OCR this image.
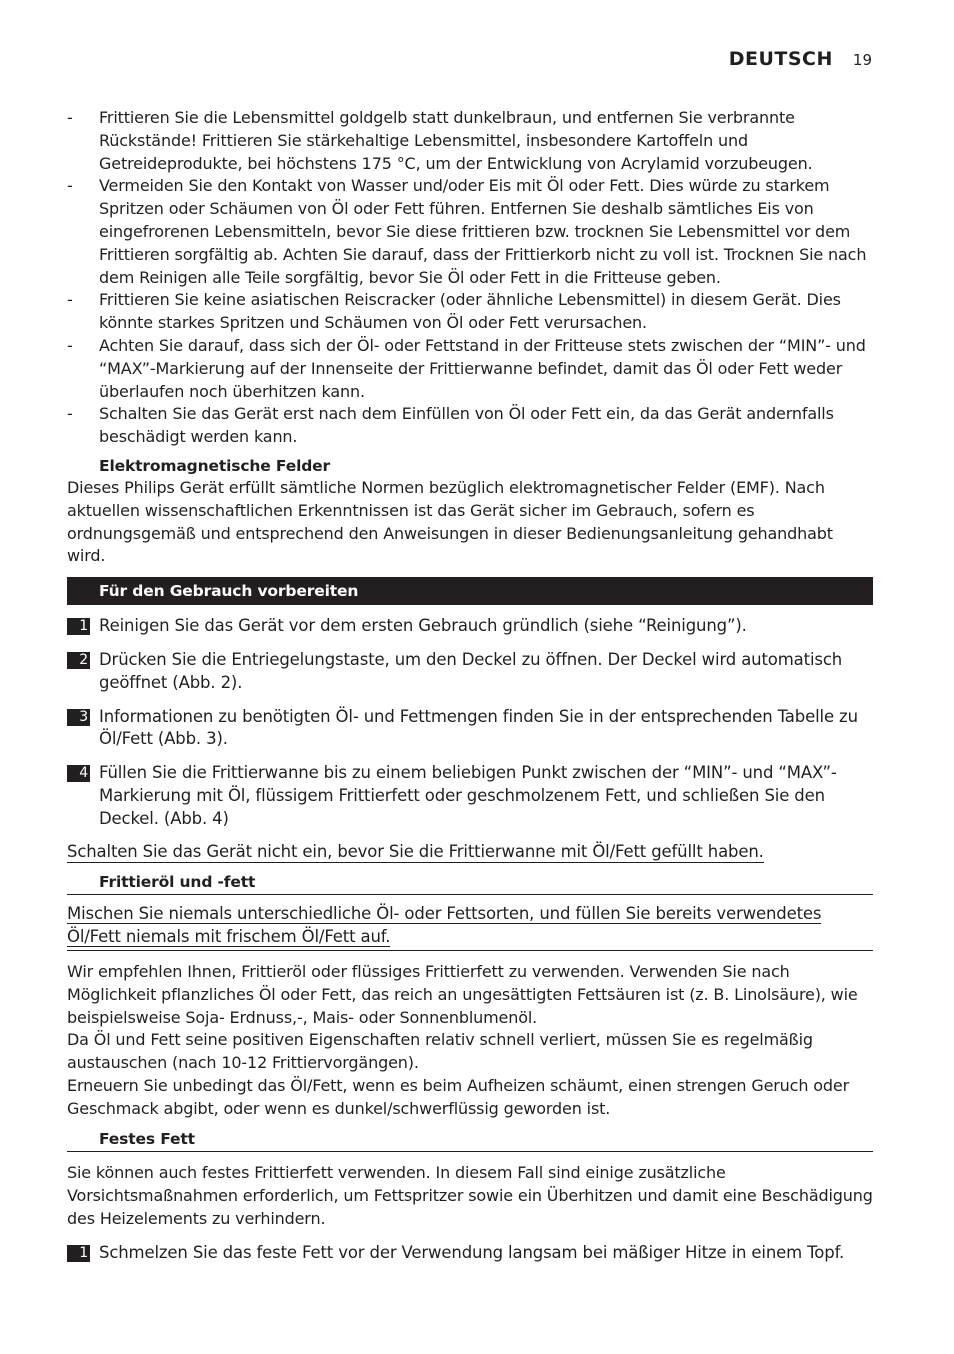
DEUTSCH 19
- Frittieren Sie die Lebensmittel goldgelb statt dunkelbraun, und entfernen Sie verbrannte Rückstände! Frittieren Sie stärkehaltige Lebensmittel, insbesondere Kartoffeln und Getreideprodukte, bei höchstens 175 °C, um der Entwicklung von Acrylamid vorzubeugen.
- Vermeiden Sie den Kontakt von Wasser und/oder Eis mit Öl oder Fett. Dies würde zu starkem Spritzen oder Schäumen von Öl oder Fett führen. Entfernen Sie deshalb sämtliches Eis von eingefrorenen Lebensmitteln, bevor Sie diese frittieren bzw. trocknen Sie Lebensmittel vor dem Frittieren sorgfältig ab. Achten Sie darauf, dass der Frittierkorb nicht zu voll ist. Trocknen Sie nach dem Reinigen alle Teile sorgfältig, bevor Sie Öl oder Fett in die Fritteuse geben.
- Frittieren Sie keine asiatischen Reiscracker (oder ähnliche Lebensmittel) in diesem Gerät. Dies könnte starkes Spritzen und Schäumen von Öl oder Fett verursachen.
- Achten Sie darauf, dass sich der Öl- oder Fettstand in der Fritteuse stets zwischen der “MIN”- und “MAX”-Markierung auf der Innenseite der Frittierwanne befindet, damit das Öl oder Fett weder überlaufen noch überhitzen kann.
- Schalten Sie das Gerät erst nach dem Einfüllen von Öl oder Fett ein, da das Gerät andernfalls beschädigt werden kann.
Elektromagnetische Felder
Dieses Philips Gerät erfüllt sämtliche Normen bezüglich elektromagnetischer Felder (EMF). Nach aktuellen wissenschaftlichen Erkenntnissen ist das Gerät sicher im Gebrauch, sofern es ordnungsgemäß und entsprechend den Anweisungen in dieser Bedienungsanleitung gehandhabt wird.
Für den Gebrauch vorbereiten
1 Reinigen Sie das Gerät vor dem ersten Gebrauch gründlich (siehe “Reinigung”).
2 Drücken Sie die Entriegelungstaste, um den Deckel zu öffnen. Der Deckel wird automatisch geöffnet (Abb. 2).
3 Informationen zu benötigten Öl- und Fettmengen finden Sie in der entsprechenden Tabelle zu Öl/Fett (Abb. 3).
4 Füllen Sie die Frittierwanne bis zu einem beliebigen Punkt zwischen der “MIN”- und “MAX”-Markierung mit Öl, flüssigem Frittierfett oder geschmolzenem Fett, und schließen Sie den Deckel. (Abb. 4)
Schalten Sie das Gerät nicht ein, bevor Sie die Frittierwanne mit Öl/Fett gefüllt haben.
Frittieröl und -fett
Mischen Sie niemals unterschiedliche Öl- oder Fettsorten, und füllen Sie bereits verwendetes Öl/Fett niemals mit frischem Öl/Fett auf.
Wir empfehlen Ihnen, Frittieröl oder flüssiges Frittierfett zu verwenden. Verwenden Sie nach Möglichkeit pflanzliches Öl oder Fett, das reich an ungesättigten Fettsäuren ist (z. B. Linolsäure), wie beispielsweise Soja- Erdnuss,-, Mais- oder Sonnenblumenöl.
Da Öl und Fett seine positiven Eigenschaften relativ schnell verliert, müssen Sie es regelmäßig austauschen (nach 10-12 Frittiervorgängen).
Erneuern Sie unbedingt das Öl/Fett, wenn es beim Aufheizen schäumt, einen strengen Geruch oder Geschmack abgibt, oder wenn es dunkel/schwerflüssig geworden ist.
Festes Fett
Sie können auch festes Frittierfett verwenden. In diesem Fall sind einige zusätzliche Vorsichtsmaßnahmen erforderlich, um Fettspritzer sowie ein Überhitzen und damit eine Beschädigung des Heizelements zu verhindern.
1 Schmelzen Sie das feste Fett vor der Verwendung langsam bei mäßiger Hitze in einem Topf.
